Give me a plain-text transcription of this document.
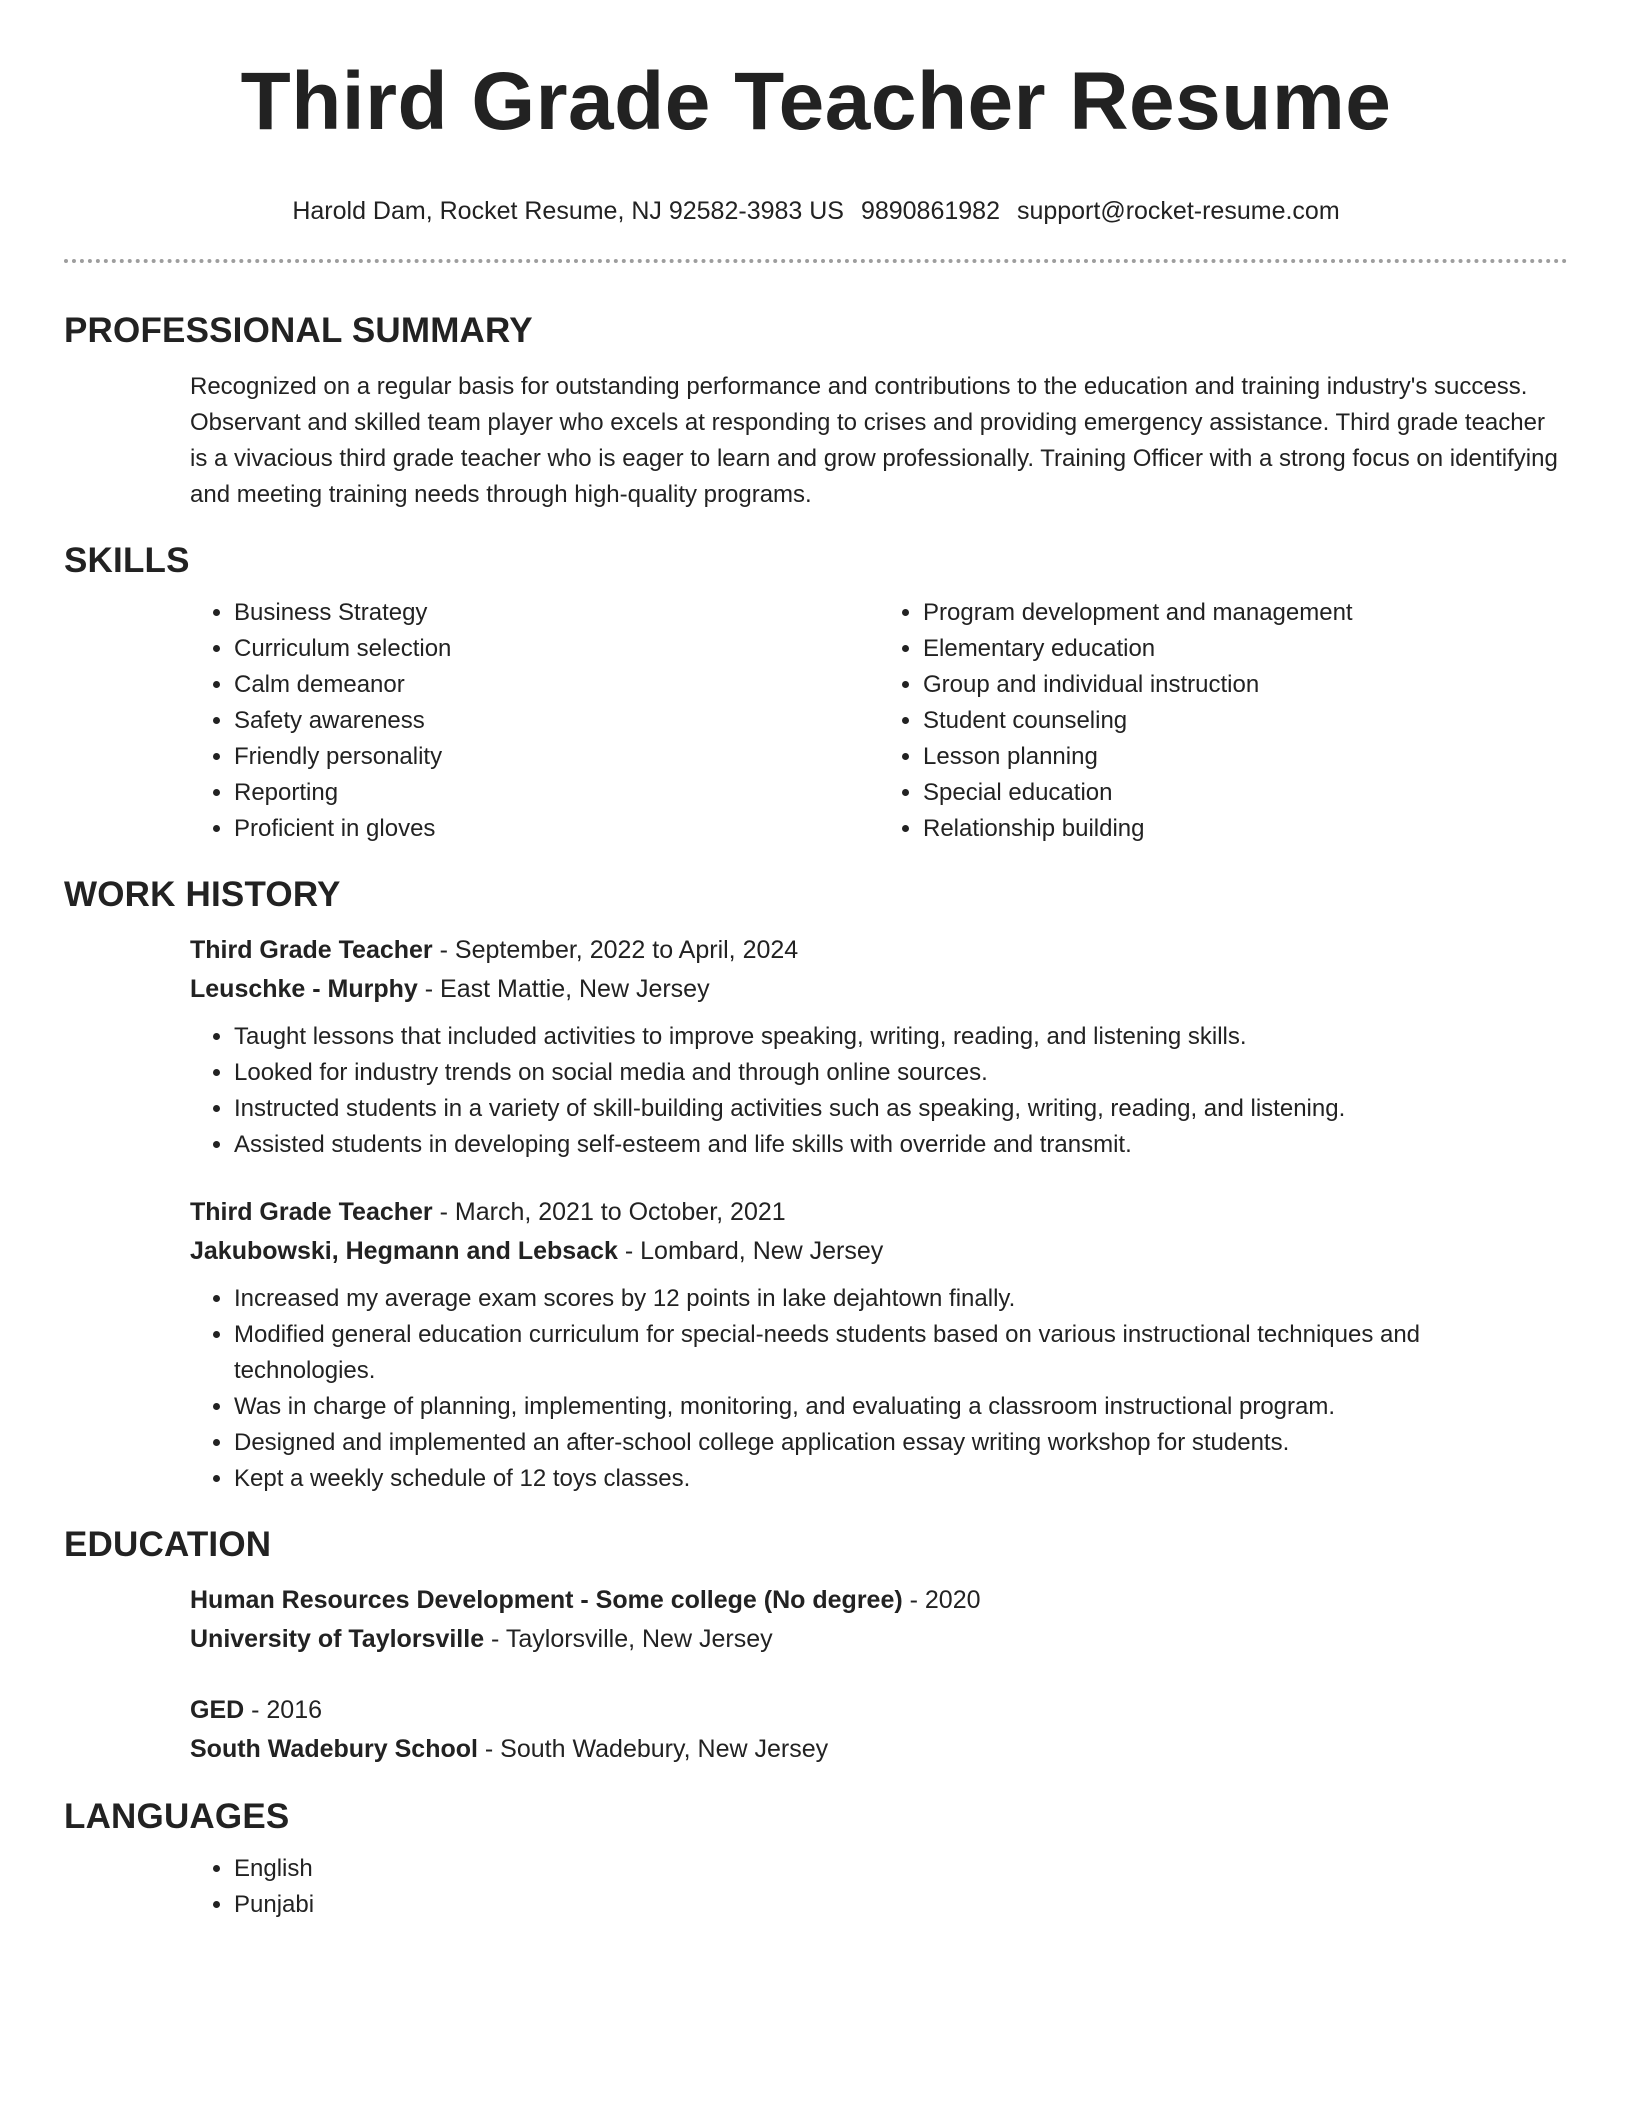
Third Grade Teacher Resume
Harold Dam, Rocket Resume, NJ 92582-3983 US 9890861982 support@rocket-resume.com
PROFESSIONAL SUMMARY

Recognized on a regular basis for outstanding performance and contributions to the education and training industry's success. Observant and skilled team player who excels at responding to crises and providing emergency assistance. Third grade teacher is a vivacious third grade teacher who is eager to learn and grow professionally. Training Officer with a strong focus on identifying and meeting training needs through high-quality programs.

SKILLS
• Business Strategy
• Curriculum selection
• Calm demeanor
• Safety awareness
• Friendly personality
• Reporting
• Proficient in gloves
• Program development and management
• Elementary education
• Group and individual instruction
• Student counseling
• Lesson planning
• Special education
• Relationship building
WORK HISTORY
Third Grade Teacher - September, 2022 to April, 2024
Leuschke - Murphy - East Mattie, New Jersey
• Taught lessons that included activities to improve speaking, writing, reading, and listening skills.
• Looked for industry trends on social media and through online sources.
• Instructed students in a variety of skill-building activities such as speaking, writing, reading, and listening.
• Assisted students in developing self-esteem and life skills with override and transmit.
Third Grade Teacher - March, 2021 to October, 2021
Jakubowski, Hegmann and Lebsack - Lombard, New Jersey
• Increased my average exam scores by 12 points in lake dejahtown finally.
• Modified general education curriculum for special-needs students based on various instructional techniques and technologies.
• Was in charge of planning, implementing, monitoring, and evaluating a classroom instructional program.
• Designed and implemented an after-school college application essay writing workshop for students.
• Kept a weekly schedule of 12 toys classes.
EDUCATION
Human Resources Development - Some college (No degree) - 2020
University of Taylorsville - Taylorsville, New Jersey
GED - 2016
South Wadebury School - South Wadebury, New Jersey
LANGUAGES
• English
• Punjabi
